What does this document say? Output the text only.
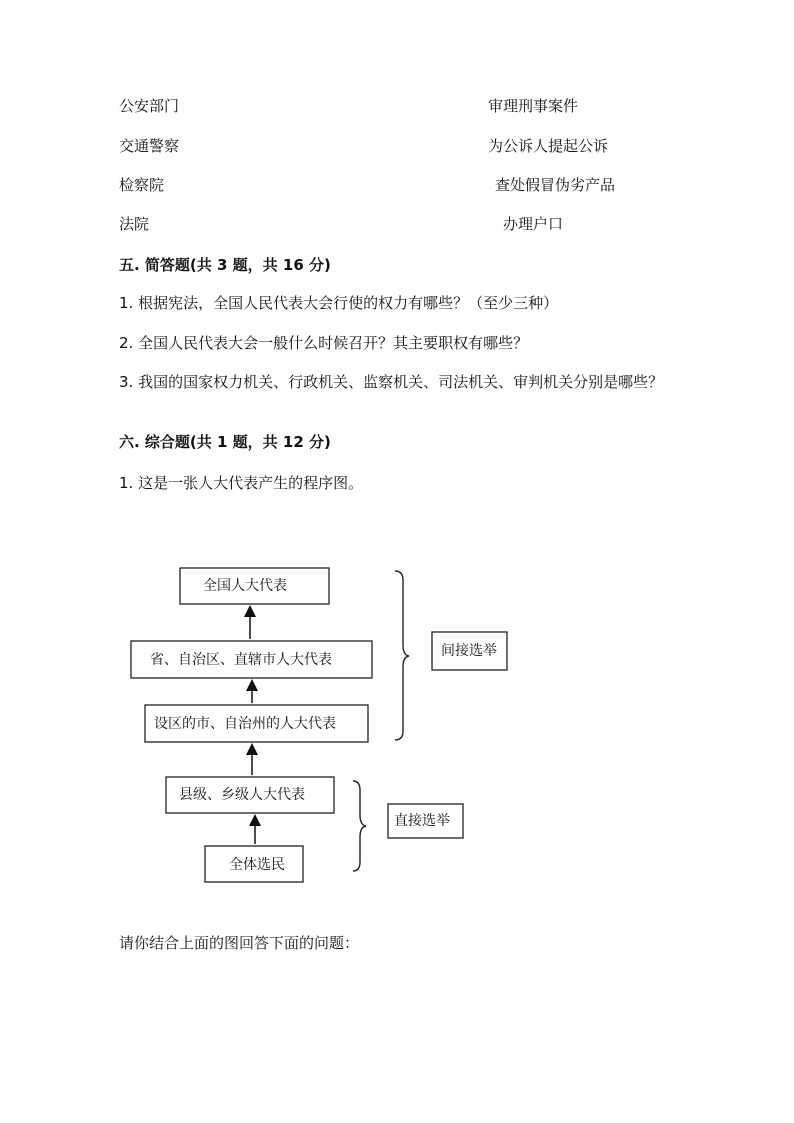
公安部门	审理刑事案件
交通警察	为公诉人提起公诉
检察院	查处假冒伪劣产品
法院	办理户口
五. 简答题(共 3 题，共 16 分)
1. 根据宪法，全国人民代表大会行使的权力有哪些？（至少三种）
2. 全国人民代表大会一般什么时候召开？其主要职权有哪些？
3. 我国的国家权力机关、行政机关、监察机关、司法机关、审判机关分别是哪些？
六. 综合题(共 1 题，共 12 分)
1. 这是一张人大代表产生的程序图。
全国人大代表
省、自治区、直辖市人大代表
设区的市、自治州的人大代表
县级、乡级人大代表
全体选民
间接选举
直接选举
请你结合上面的图回答下面的问题：
